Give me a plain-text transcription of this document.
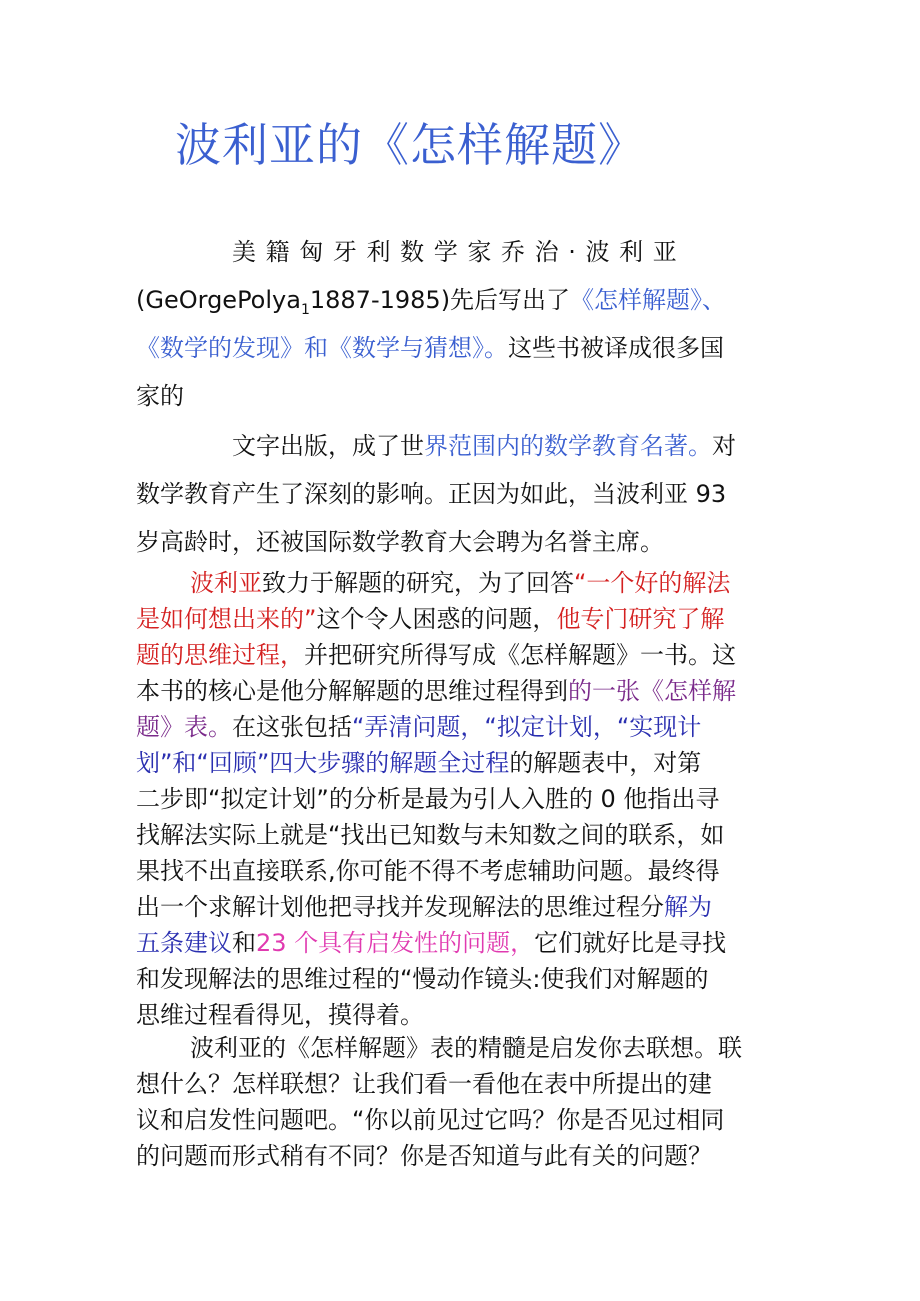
波利亚的《怎样解题》
美 籍 匈 牙 利 数 学 家 乔 治 · 波 利 亚
(GeOrgePolya$_1$1887-1985)先后写出了《怎样解题》、
《数学的发现》和《数学与猜想》。这些书被译成很多国
家的
文字出版，成了世界范围内的数学教育名著。对
数学教育产生了深刻的影响。正因为如此，当波利亚 93
岁高龄时，还被国际数学教育大会聘为名誉主席。
波利亚致力于解题的研究，为了回答“一个好的解法
是如何想出来的”这个令人困惑的问题，他专门研究了解
题的思维过程，并把研究所得写成《怎样解题》一书。这
本书的核心是他分解解题的思维过程得到的一张《怎样解
题》表。在这张包括“弄清问题，“拟定计划，“实现计
划”和“回顾”四大步骤的解题全过程的解题表中，对第
二步即“拟定计划”的分析是最为引人入胜的 0 他指出寻
找解法实际上就是“找出已知数与未知数之间的联系，如
果找不出直接联系,你可能不得不考虑辅助问题。最终得
出一个求解计划他把寻找并发现解法的思维过程分解为
五条建议和23 个具有启发性的问题，它们就好比是寻找
和发现解法的思维过程的“慢动作镜头:使我们对解题的
思维过程看得见，摸得着。
波利亚的《怎样解题》表的精髓是启发你去联想。联
想什么？怎样联想？让我们看一看他在表中所提出的建
议和启发性问题吧。“你以前见过它吗？你是否见过相同
的问题而形式稍有不同？你是否知道与此有关的问题？
